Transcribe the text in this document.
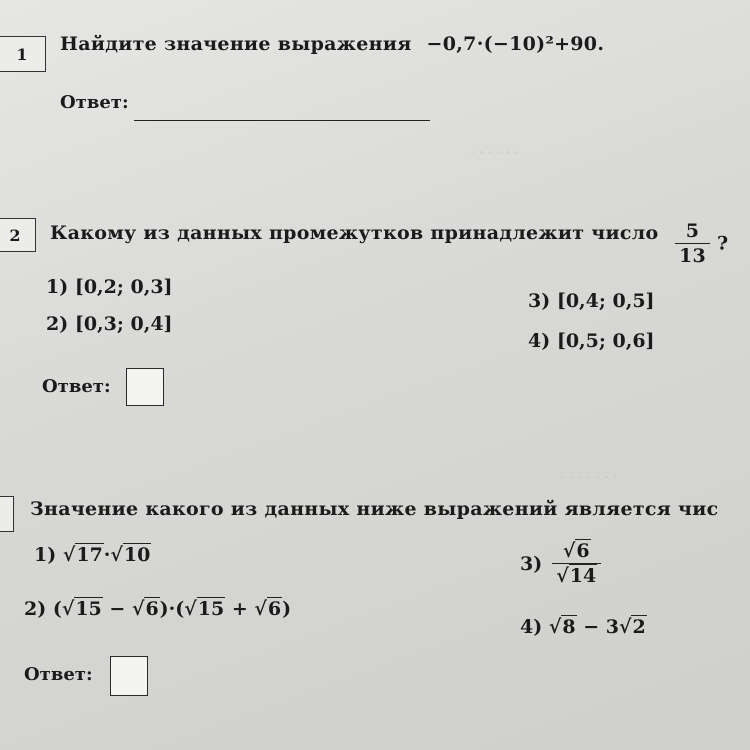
· · · · · ·
· · · · · · ·
1 Найдите значение выражения −0,7·(−10)²+90.
Ответ:
2 Какому из данных промежутков принадлежит число $\frac{5}{13}$ ?
1) [0,2; 0,3]
2) [0,3; 0,4]
3) [0,4; 0,5]
4) [0,5; 0,6]
Ответ:
Значение какого из данных ниже выражений является чис
1) √17·√10
2) (√15 − √6)·(√15 + √6)
$3) \frac{√6}{√14}$
4) √8 − 3√2
Ответ:
